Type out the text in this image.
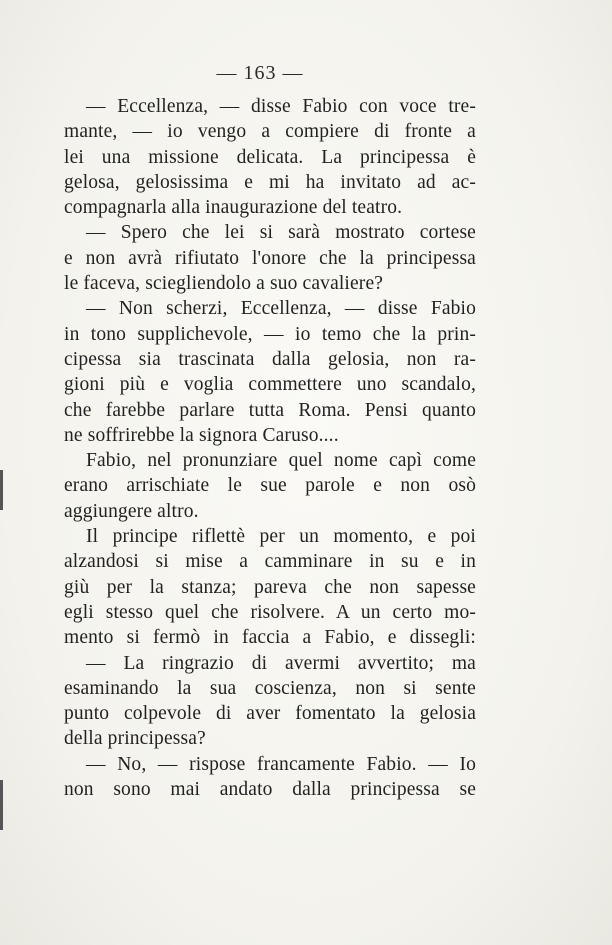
— 163 —
— Eccellenza, — disse Fabio con voce tre-
mante, — io vengo a compiere di fronte a
lei una missione delicata. La principessa è
gelosa, gelosissima e mi ha invitato ad ac-
compagnarla alla inaugurazione del teatro.
— Spero che lei si sarà mostrato cortese
e non avrà rifiutato l'onore che la principessa
le faceva, sciegliendolo a suo cavaliere?
— Non scherzi, Eccellenza, — disse Fabio
in tono supplichevole, — io temo che la prin-
cipessa sia trascinata dalla gelosia, non ra-
gioni più e voglia commettere uno scandalo,
che farebbe parlare tutta Roma. Pensi quanto
ne soffrirebbe la signora Caruso....
Fabio, nel pronunziare quel nome capì come
erano arrischiate le sue parole e non osò
aggiungere altro.
Il principe riflettè per un momento, e poi
alzandosi si mise a camminare in su e in
giù per la stanza; pareva che non sapesse
egli stesso quel che risolvere. A un certo mo-
mento si fermò in faccia a Fabio, e dissegli:
— La ringrazio di avermi avvertito; ma
esaminando la sua coscienza, non si sente
punto colpevole di aver fomentato la gelosia
della principessa?
— No, — rispose francamente Fabio. — Io
non sono mai andato dalla principessa se
